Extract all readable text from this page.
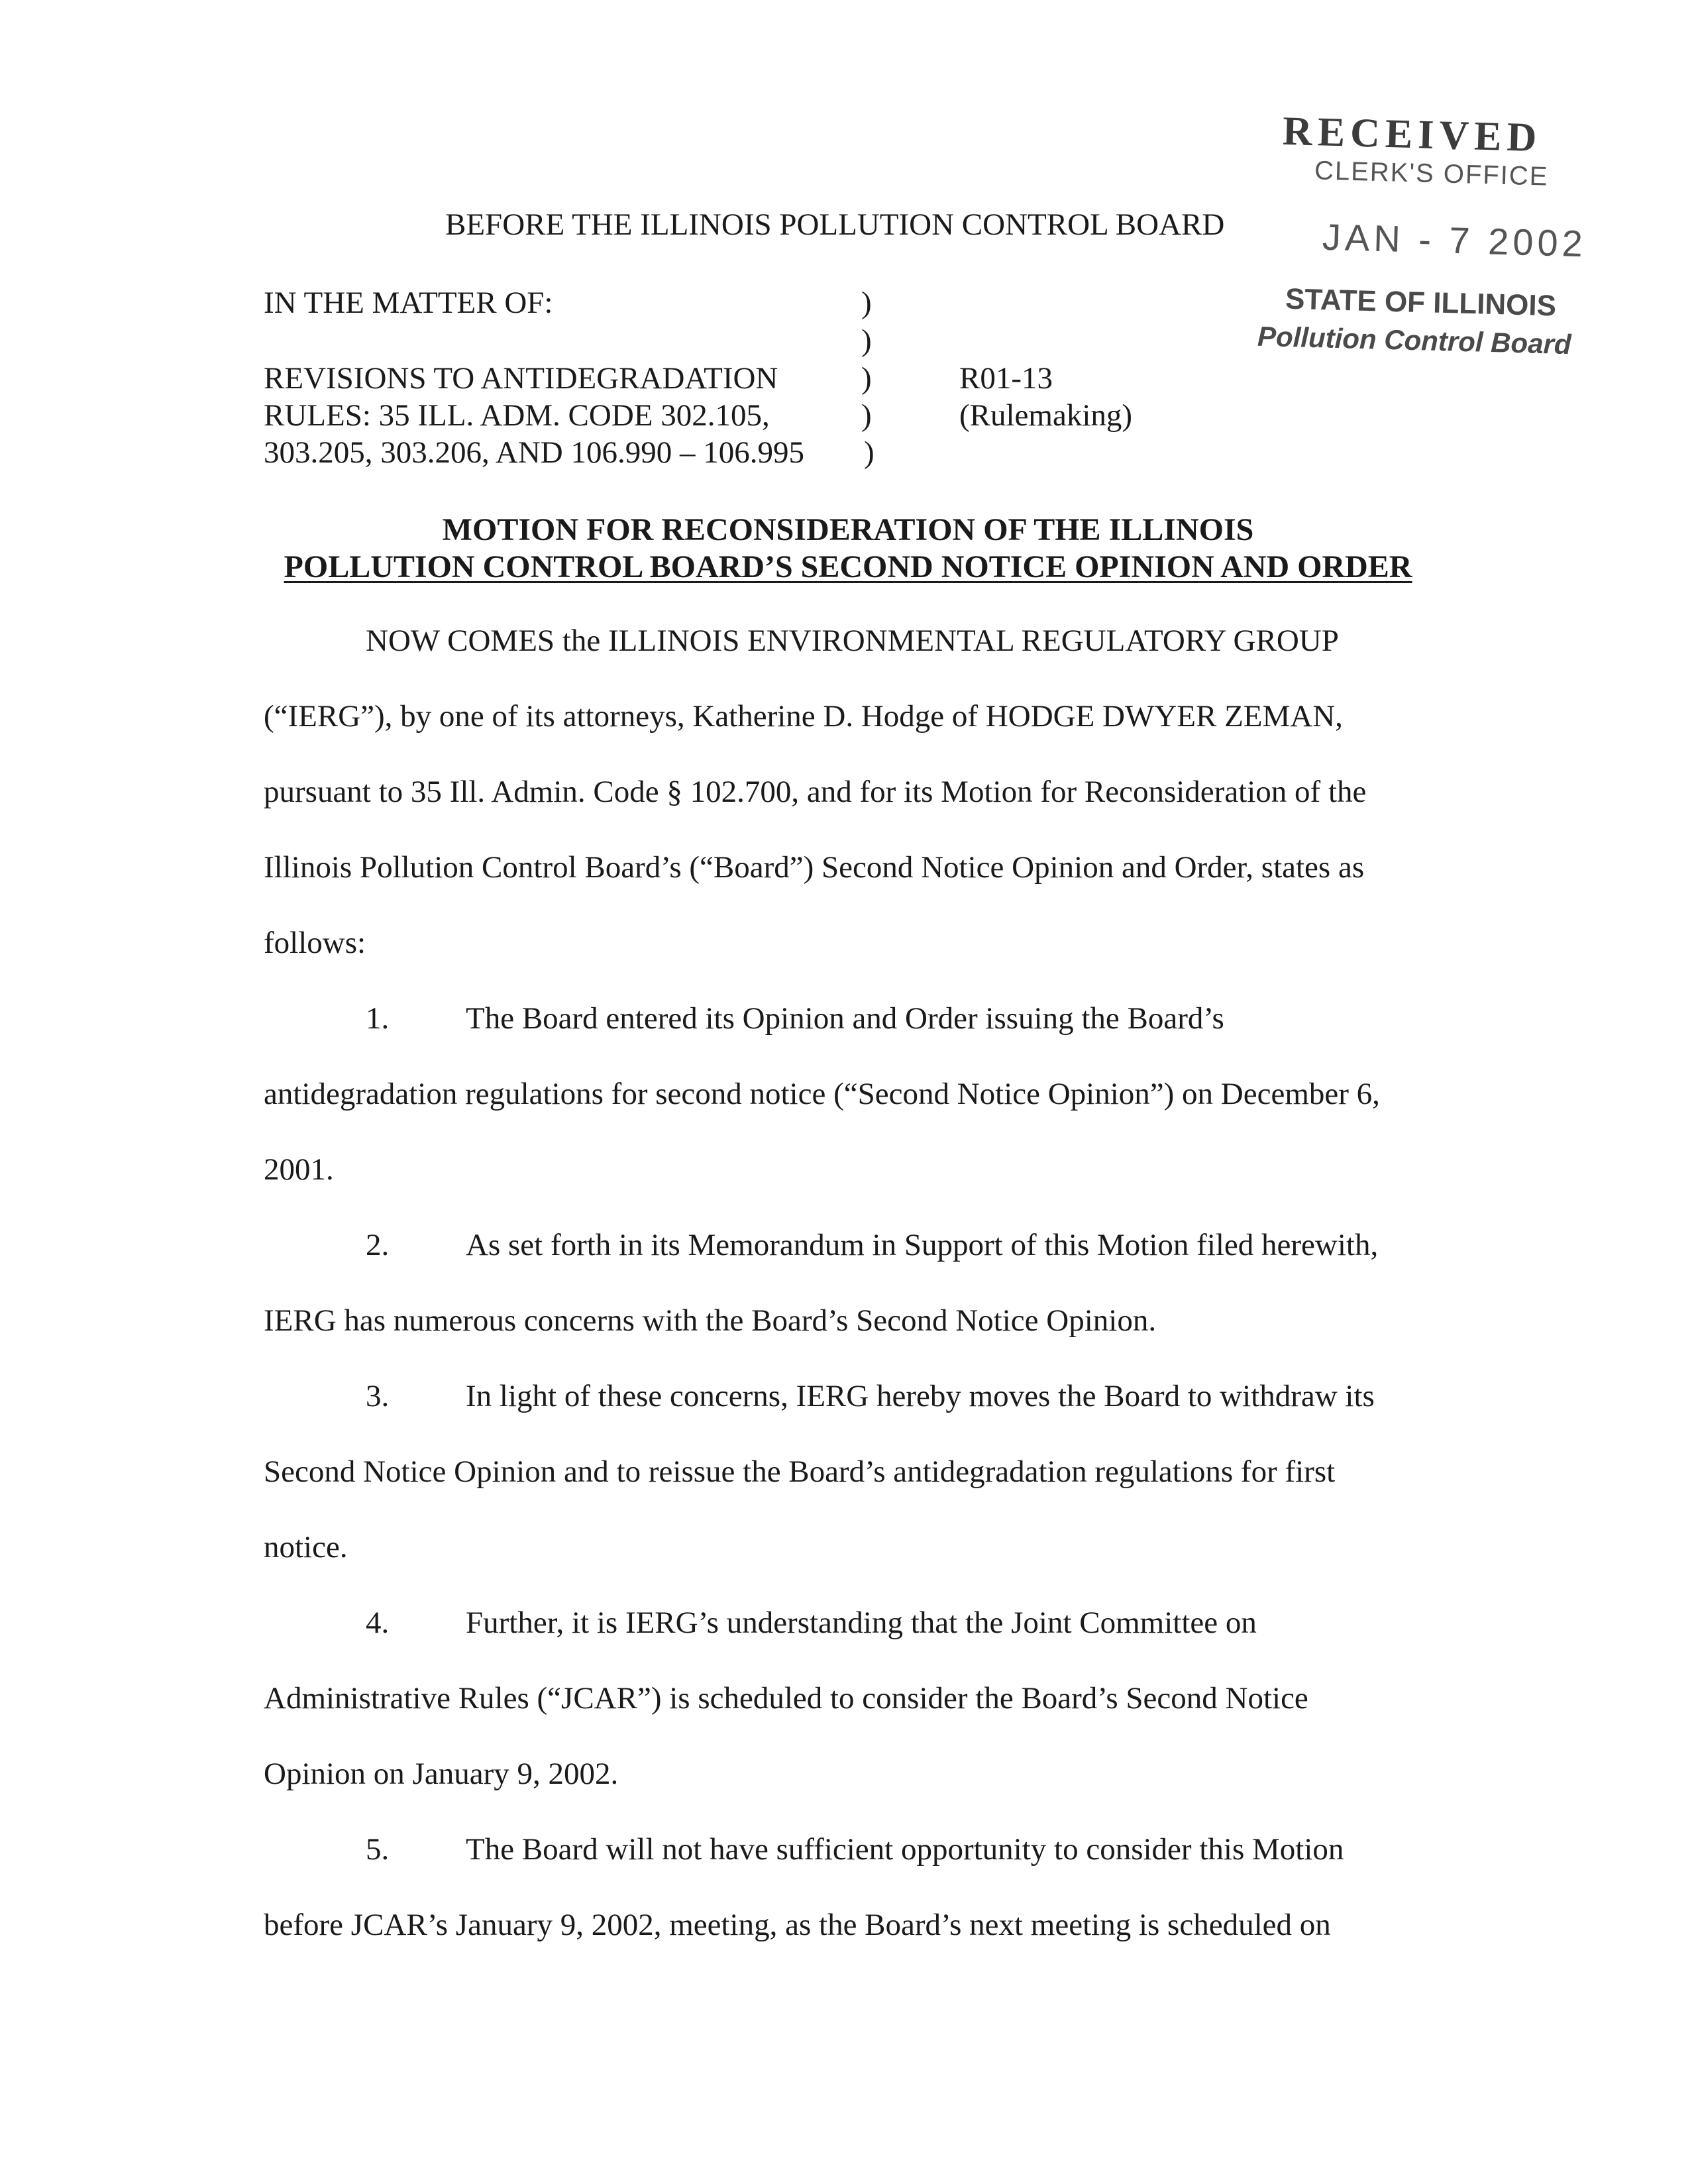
RECEIVED
CLERK'S OFFICE
JAN - 7 2002
STATE OF ILLINOIS
Pollution Control Board
BEFORE THE ILLINOIS POLLUTION CONTROL BOARD
IN THE MATTER OF:
REVISIONS TO ANTIDEGRADATION
RULES: 35 ILL. ADM. CODE 302.105,
303.205, 303.206, AND 106.990 – 106.995
)
)
)
)
)
R01-13
(Rulemaking)
MOTION FOR RECONSIDERATION OF THE ILLINOIS
POLLUTION CONTROL BOARD’S SECOND NOTICE OPINION AND ORDER
NOW COMES the ILLINOIS ENVIRONMENTAL REGULATORY GROUP
(“IERG”), by one of its attorneys, Katherine D. Hodge of HODGE DWYER ZEMAN,
pursuant to 35 Ill. Admin. Code § 102.700, and for its Motion for Reconsideration of the
Illinois Pollution Control Board’s (“Board”) Second Notice Opinion and Order, states as
follows:
1. The Board entered its Opinion and Order issuing the Board’s
antidegradation regulations for second notice (“Second Notice Opinion”) on December 6,
2001.
2. As set forth in its Memorandum in Support of this Motion filed herewith,
IERG has numerous concerns with the Board’s Second Notice Opinion.
3. In light of these concerns, IERG hereby moves the Board to withdraw its
Second Notice Opinion and to reissue the Board’s antidegradation regulations for first
notice.
4. Further, it is IERG’s understanding that the Joint Committee on
Administrative Rules (“JCAR”) is scheduled to consider the Board’s Second Notice
Opinion on January 9, 2002.
5. The Board will not have sufficient opportunity to consider this Motion
before JCAR’s January 9, 2002, meeting, as the Board’s next meeting is scheduled on
